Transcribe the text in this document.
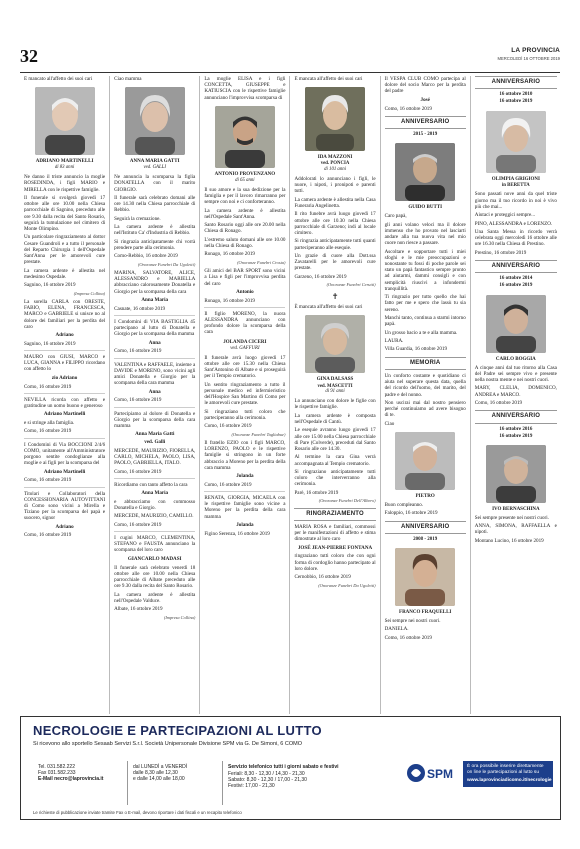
32	LA PROVINCIA
MERCOLEDÌ 16 OTTOBRE 2019

È mancato all'affetto dei suoi cari

ADRIANO MARTINELLI
di 83 anni

Ne danno il triste annuncio la moglie ROSEDINDA, i figli MARIO e MIRELLA con le rispettive famiglie.

Il funerale si svolgerà giovedì 17 ottobre alle ore 10.00 nella Chiesa parrocchiale di Sagnino, preceduto alle ore 9.30 dalla recita del Santo Rosario, seguirà la tumulazione nel cimitero di Monte Olimpino.

Un particolare ringraziamento al dottor Cesare Guandroli e a tutto il personale del Reparto Chirurgia 1 dell'Ospedale Sant'Anna per le amorevoli cure prestate.

La camera ardente è allestita nel medesimo Ospedale.

Sagnino, 16 ottobre 2019

(Impresa Collina)

La sorella CARLA con ORESTE, FABIO, ELENA, FRANCESCA, MARCO e GABRIELE si unisce no al dolore dei familiari per la perdita del caro

Adriano

Sagnino, 16 ottobre 2019

MAURO con GIUSI, MARCO e LUCA, GIANNA e FILIPPO ricordano con affetto lo

zio Adriano

Como, 16 ottobre 2019

NEVILLA ricorda con affetto e gratitudine un uomo buono e generoso

Adriano Martinelli

e si stringe alla famiglia.

Como, 16 ottobre 2019

I Condomini di Via BOCCIONI 2/4/6 COMO, unitamente all'Amministratore porgono sentite condoglianze alla moglie e ai figli per la scomparsa del

Adriano Martinelli

Como, 16 ottobre 2019

Titolari e Collaboratori della CONCESSIONARIA AUTOVITTANI di Como sono vicini a Mirella e Tiziano per la scomparsa del papà e suocero, signor

Adriano

Como, 16 ottobre 2019

Ciao mamma

ANNA MARIA GATTI
ved. GALLI

Ne annuncia la scomparsa la figlia DONATELLA con il marito GIORGIO.

Il funerale sarà celebrato domani alle ore 14.30 nella Chiesa parrocchiale di Rebbio.

Seguirà la cremazione.

La camera ardente è allestita nell'Istituto Ca' d'Industria di Rebbio.

Si ringrazia anticipatamente chi vorrà prendere parte alla cerimonia.

Como-Rebbio, 16 ottobre 2019

(Onoranze Funebri Da Ugoletti)

MARINA, SALVATORE, ALICE, ALESSANDRO e MARIELLA abbracciano calorosamente Donatella e Giorgio per la scomparsa della cara

Anna Maria

Casnate, 16 ottobre 2019

I Condomini di VIA BASTIGLIA 45 partecipano al lutto di Donatella e Giorgio per la scomparsa della mamma

Anna

Como, 16 ottobre 2019

VALENTINA e RAFFAELE, insieme a DAVIDE e MORENO, sono vicini agli amici Donatella e Giorgio per la scomparsa della cara mamma

Anna

Como, 16 ottobre 2019

Partecipiamo al dolore di Donatella e Giorgio per la scomparsa della cara mamma

Anna Maria Gatti
ved. Galli

MERCEDE, MAURIZIO, FIORELLA, CARLO, MICHELA, PAOLO, LISA, PAOLO, GABRIELLA, ITALO.

Como, 16 ottobre 2019

Ricordiamo con tanto affetto la cara

Anna Maria

e abbracciamo con commosso Donatella e Giorgio.

MERCEDE, MAURIZIO, CAMILLO.

Como, 16 ottobre 2019

I cugini MARCO, CLEMENTINA, STEFANO e FAUSTA annunciano la scomparsa del loro caro

GIANCARLO MADASI

Il funerale sarà celebrato venerdì 18 ottobre alle ore 10.00 nella Chiesa parrocchiale di Albate preceduto alle ore 9.30 dalla recita del Santo Rosario.

La camera ardente è allestita nell'Ospedale Valduce.

Albate, 16 ottobre 2019

(Impresa Collina)

La moglie ELISA e i figli CONCETTA, GIUSEPPE e KATIUSCIA con le rispettive famiglie annunciano l'improvvisa scomparsa di

ANTONIO PROVENZANO
di 65 anni

Il suo amore e la sua dedizione per la famiglia e per il lavoro rimarranno per sempre con noi e ci conforteranno.

La camera ardente è allestita nell'Ospedale Sant'Anna.

Santo Rosario oggi alle ore 20.00 nella Chiesa di Ronago.

L'estremo saluto domani alle ore 10.00 nella Chiesa di Ronago.

Ronago, 16 ottobre 2019

(Onoranze Funebri Crosta)

Gli amici del BAR SPORT sono vicini a Lisa e figli per l'improvvisa perdita del caro

Antonio

Ronago, 16 ottobre 2019

Il figlio MORENO, la nuora ALESSANDRA annunciano con profondo dolore la scomparsa della cara

JOLANDA CICERI
ved. GAFFURI

Il funerale avrà luogo giovedì 17 ottobre alle ore 15.30 nella Chiesa Sant'Antonino di Albate e si proseguirà per il Tempio crematorio.

Un sentito ringraziamento a tutto il personale medico ed infermieristico dell'Hospice San Martino di Como per le amorevoli cure prestate.

Si ringraziano tutti coloro che parteciperanno alla cerimonia.

Como, 16 ottobre 2019

(Onoranze Funebri Tagliabue)

Il fratello EZIO con i figli MARCO, LORENZO, PAOLO e le rispettive famiglie si stringono in un forte abbraccio a Moreno per la perdita della cara mamma

Jolanda

Como, 16 ottobre 2019

RENATA, GIORGIA, MICAELA con le rispettive famiglie sono vicine a Moreno per la perdita della cara mamma

Jolanda

Figino Serenza, 16 ottobre 2019

È mancata all'affetto dei suoi cari

IDA MAZZONI
ved. PONCIA
di 101 anni

Addolorati lo annunciano i figli, le nuore, i nipoti, i pronipoti e parenti tutti.

La camera ardente è allestita nella Casa Funeraria Angelinetta.

Il rito funebre avrà luogo giovedì 17 ottobre alle ore 10.30 nella Chiesa parrocchiale di Garzeno; indi al locale cimitero.

Si ringrazia anticipatamente tutti quanti parteciperanno alle esequie.

Un grazie di cuore alla Dott.ssa Zavatarelli per le amorevoli cure prestate.

Garzeno, 16 ottobre 2019

(Onoranze Funebri Cerutti)
✝

È mancata all'affetto dei suoi cari

GINA DALSASS
ved. MASCETTI
di 91 anni

Lo annunciano con dolore le figlie con le rispettive famiglie.

La camera ardente è composta nell'Ospedale di Cantù.

Le esequie avranno luogo giovedì 17 alle ore 15.00 nella Chiesa parrocchiale di Pare (Colverde), preceduti dal Santo Rosario alle ore 14.30.

Al termine la cara Gina verrà accompagnata al Tempio crematorio.

Si ringraziano anticipatamente tutti coloro che interverranno alla cerimonia.

Parè, 16 ottobre 2019

(Onoranze Funebri Dell'Albero)
RINGRAZIAMENTO

MARIA ROSA e familiari, commossi per le manifestazioni di affetto e stima dimostrate al loro caro

JOSÉ JEAN-PIERRE FONTANA

ringraziano tutti coloro che con ogni forma di cordoglio hanno partecipato al loro dolore.

Cernobbio, 16 ottobre 2019

(Onoranze Funebri Da Ugoletti)

Il VESPA CLUB COMO partecipa al dolore del socio Marco per la perdita del padre

José

Como, 16 ottobre 2019

ANNIVERSARIO
2015 - 2019
GUIDO BUTTI

Caro papà,

gli anni volano veloci ma il dolore immenso che ho provato nel lasciarti andare alla tua nuova vita nel mio cuore non riesce a passare.

Ascoltare e sopportare tutti i miei sfoghi e le mie preoccupazioni e nonostante tu fossi di poche parole sei stato un papà fantastico sempre pronto ad aiutarmi, dammi consigli e con semplicità riuscivi a infondermi tranquillità.

Ti ringrazio per tutto quello che hai fatto per me e spero che lassù tu sia sereno.

Manchi tanto, continua a starmi intorno papà.

Un grosso bacio a te e alla mamma.

LAURA.

Villa Guardia, 16 ottobre 2019

MEMORIA

Un conforto costante e quotidiano ci aiuta nel superare questa data, quella del ricordo dell'uomo, del marito, del padre e del nonno.

Non uscirai mai dal nostro pensiero perché continuiamo ad avere bisogno di te.

Ciao

PIETRO

Buon compleanno.

Faloppio, 16 ottobre 2019

ANNIVERSARIO
2008 - 2019
FRANCO FRAQUELLI

Sei sempre nei nostri cuori.

DANIELA.

Como, 16 ottobre 2019

ANNIVERSARIO
16 ottobre 2010
16 ottobre 2019
OLIMPIA GRIGIONI
in BERETTA

Sono passati nove anni da quel triste giorno ma il tuo ricordo in noi è vivo più che mai...

Aiutaci e proteggici sempre...

PINO, ALESSANDRA e LORENZO.

Una Santa Messa in ricordo verrà celebrata oggi mercoledì 16 ottobre alle ore 16.30 nella Chiesa di Prestino.

Prestino, 16 ottobre 2019

ANNIVERSARIO
16 ottobre 2014
16 ottobre 2019
CARLO BOGGIA

A cinque anni dal tuo ritorno alla Casa del Padre sei sempre vivo e presente nella nostra mente e nei nostri cuori.

MARY, CLELIA, DOMENICO, ANDREA e MARCO.

Como, 16 ottobre 2019

ANNIVERSARIO
16 ottobre 2016
16 ottobre 2019
IVO BERNASCHINA

Sei sempre presente nei nostri cuori.

ANNA, SIMONA, RAFFAELLA e nipoti.

Montano Lucino, 16 ottobre 2019

NECROLOGIE E PARTECIPAZIONI AL LUTTO
Si ricevono allo sportello Sesaab Servizi S.r.l. Società Unipersonale Divisione SPM via G. De Simoni, 6 COMO
Tel. 031.582.222
Fax 031.582.233
E-Mail necro@laprovincia.it
dal LUNEDÌ a VENERDÌ
dalle 8,30 alle 12,30
e dalle 14,00 alle 18,00
Servizio telefonico tutti i giorni sabato e festivi
Feriali: 8,30 - 12,30 / 14,30 - 21,30
Sabato: 8,30 - 12,30 / 17,00 - 21,30
Festivi: 17,00 - 21,30
SPM
È ora possibile inserire direttamente on line le partecipazioni al lutto su
www.laprovinciadicomo.it/necrologie
Le richieste di pubblicazione inviate tramite Fax o E-mail, devono riportare i dati fiscali e un recapito telefonico
